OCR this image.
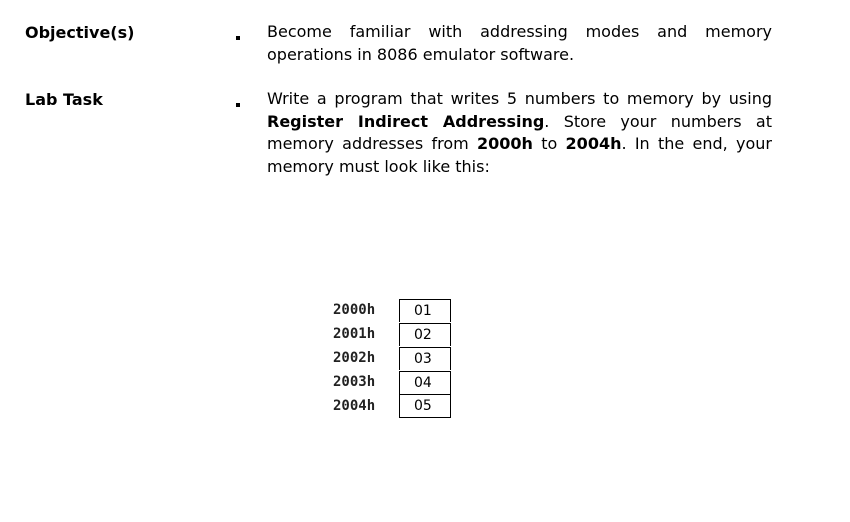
Objective(s)	Become familiar with addressing modes and memory operations in 8086 emulator software.
Lab Task	Write a program that writes 5 numbers to memory by using Register Indirect Addressing. Store your numbers at memory addresses from 2000h to 2004h. In the end, your memory must look like this:
2000h	01
2001h	02
2002h	03
2003h	04
2004h	05
